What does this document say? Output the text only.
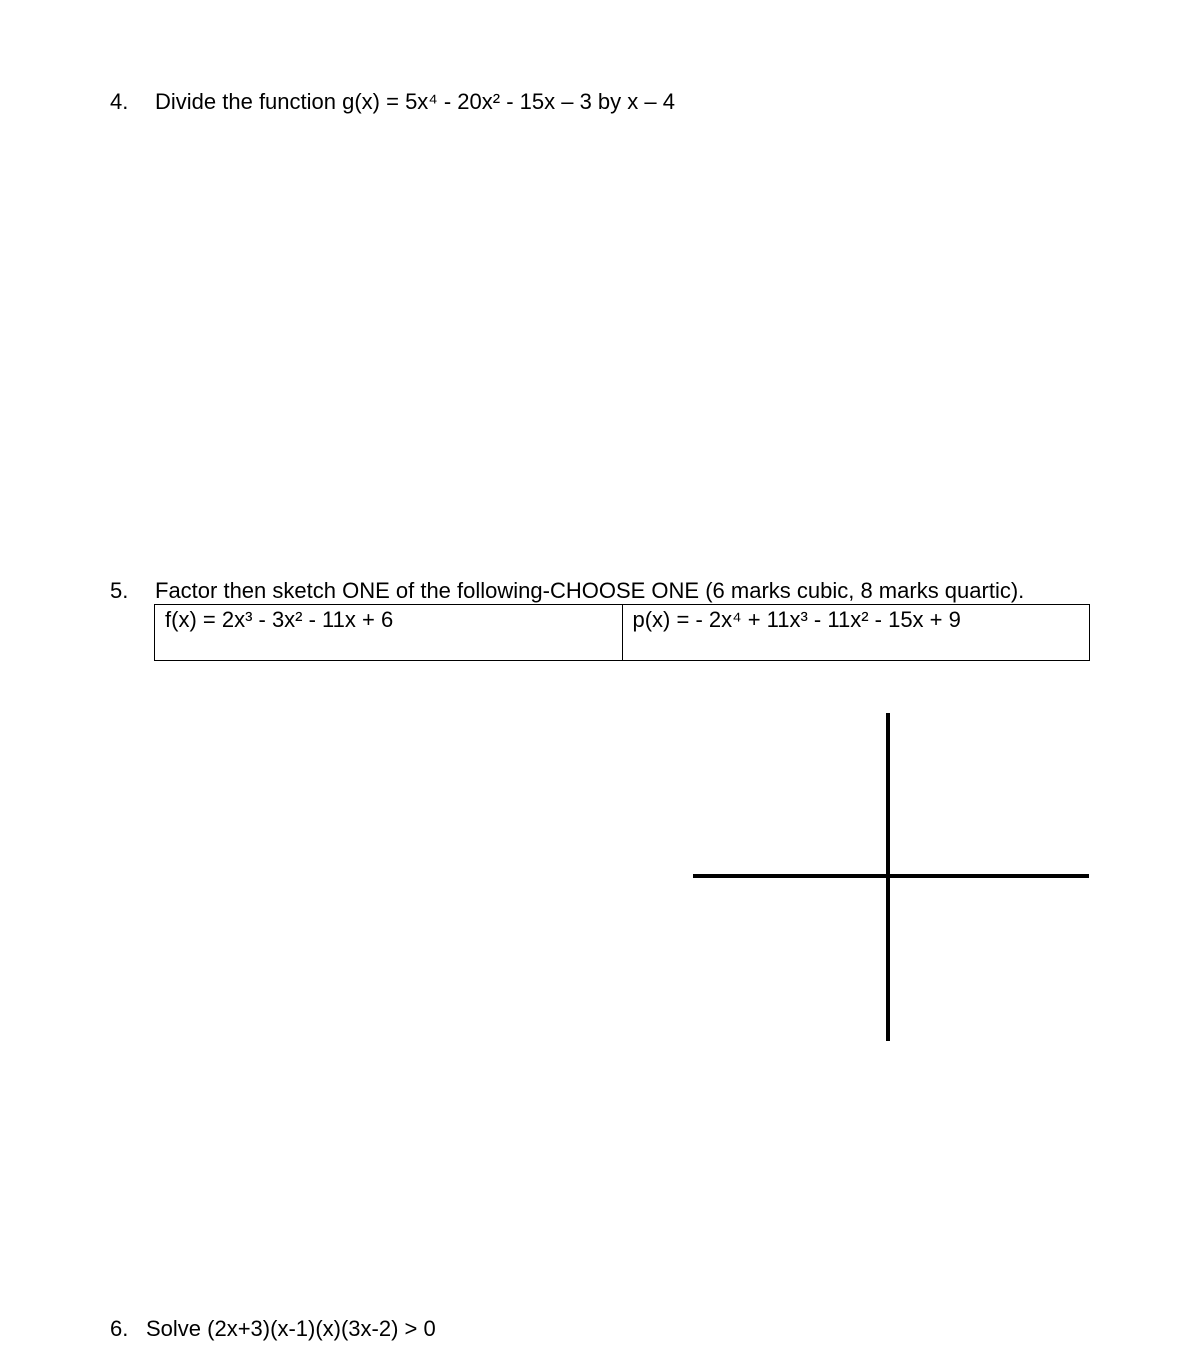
4. Divide the function g(x) = 5x⁴ - 20x² - 15x – 3 by x – 4
5. Factor then sketch ONE of the following-CHOOSE ONE (6 marks cubic, 8 marks quartic).
f(x) = 2x³ - 3x² - 11x + 6	p(x) = - 2x⁴ + 11x³ - 11x² - 15x + 9
6. Solve (2x+3)(x-1)(x)(3x-2) > 0
